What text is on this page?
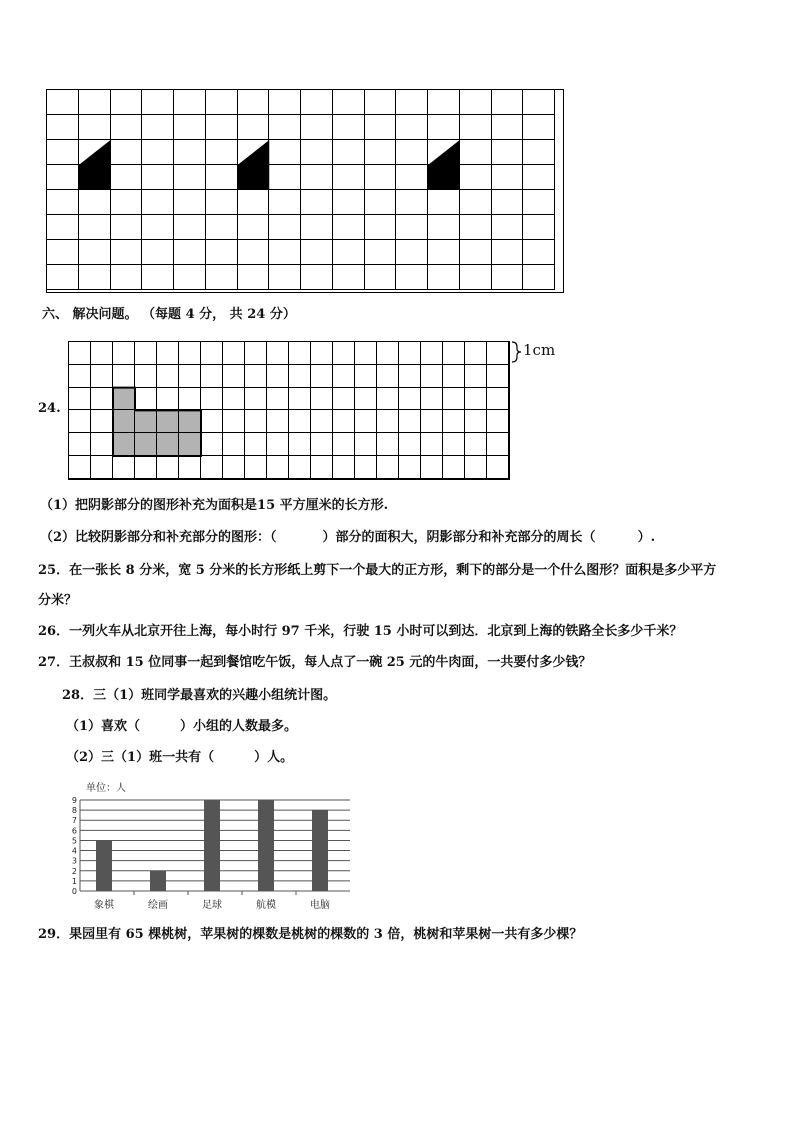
六、 解决问题。 （每题 4 分， 共 24 分）
1cm
24.
（1）把阴影部分的图形补充为面积是15 平方厘米的长方形.
（2）比较阴影部分和补充部分的图形：（	）部分的面积大，阴影部分和补充部分的周长（	）.
25．在一张长 8 分米，宽 5 分米的长方形纸上剪下一个最大的正方形，剩下的部分是一个什么图形？面积是多少平方
分米？
26．一列火车从北京开往上海，每小时行 97 千米，行驶 15 小时可以到达．北京到上海的铁路全长多少千米？
27．王叔叔和 15 位同事一起到餐馆吃午饭，每人点了一碗 25 元的牛肉面，一共要付多少钱？
28．三（1）班同学最喜欢的兴趣小组统计图。
（1）喜欢（	）小组的人数最多。
（2）三（1）班一共有（	）人。
单位：人
0
1
2
3
4
5
6
7
8
9
象棋	绘画	足球	航模	电脑
29．果园里有 65 棵桃树，苹果树的棵数是桃树的棵数的 3 倍，桃树和苹果树一共有多少棵？
